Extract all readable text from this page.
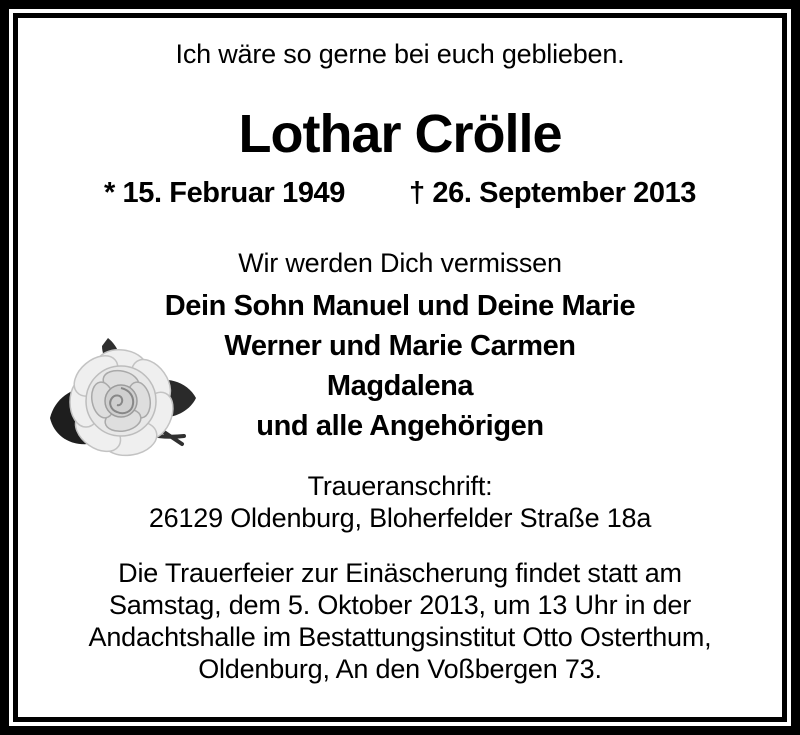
Ich wäre so gerne bei euch geblieben.
Lothar Crölle
* 15. Februar 1949 † 26. September 2013
Wir werden Dich vermissen
Dein Sohn Manuel und Deine Marie
Werner und Marie Carmen
Magdalena
und alle Angehörigen
Traueranschrift:
26129 Oldenburg, Bloherfelder Straße 18a
Die Trauerfeier zur Einäscherung findet statt am
Samstag, dem 5. Oktober 2013, um 13 Uhr in der
Andachtshalle im Bestattungsinstitut Otto Osterthum,
Oldenburg, An den Voßbergen 73.
